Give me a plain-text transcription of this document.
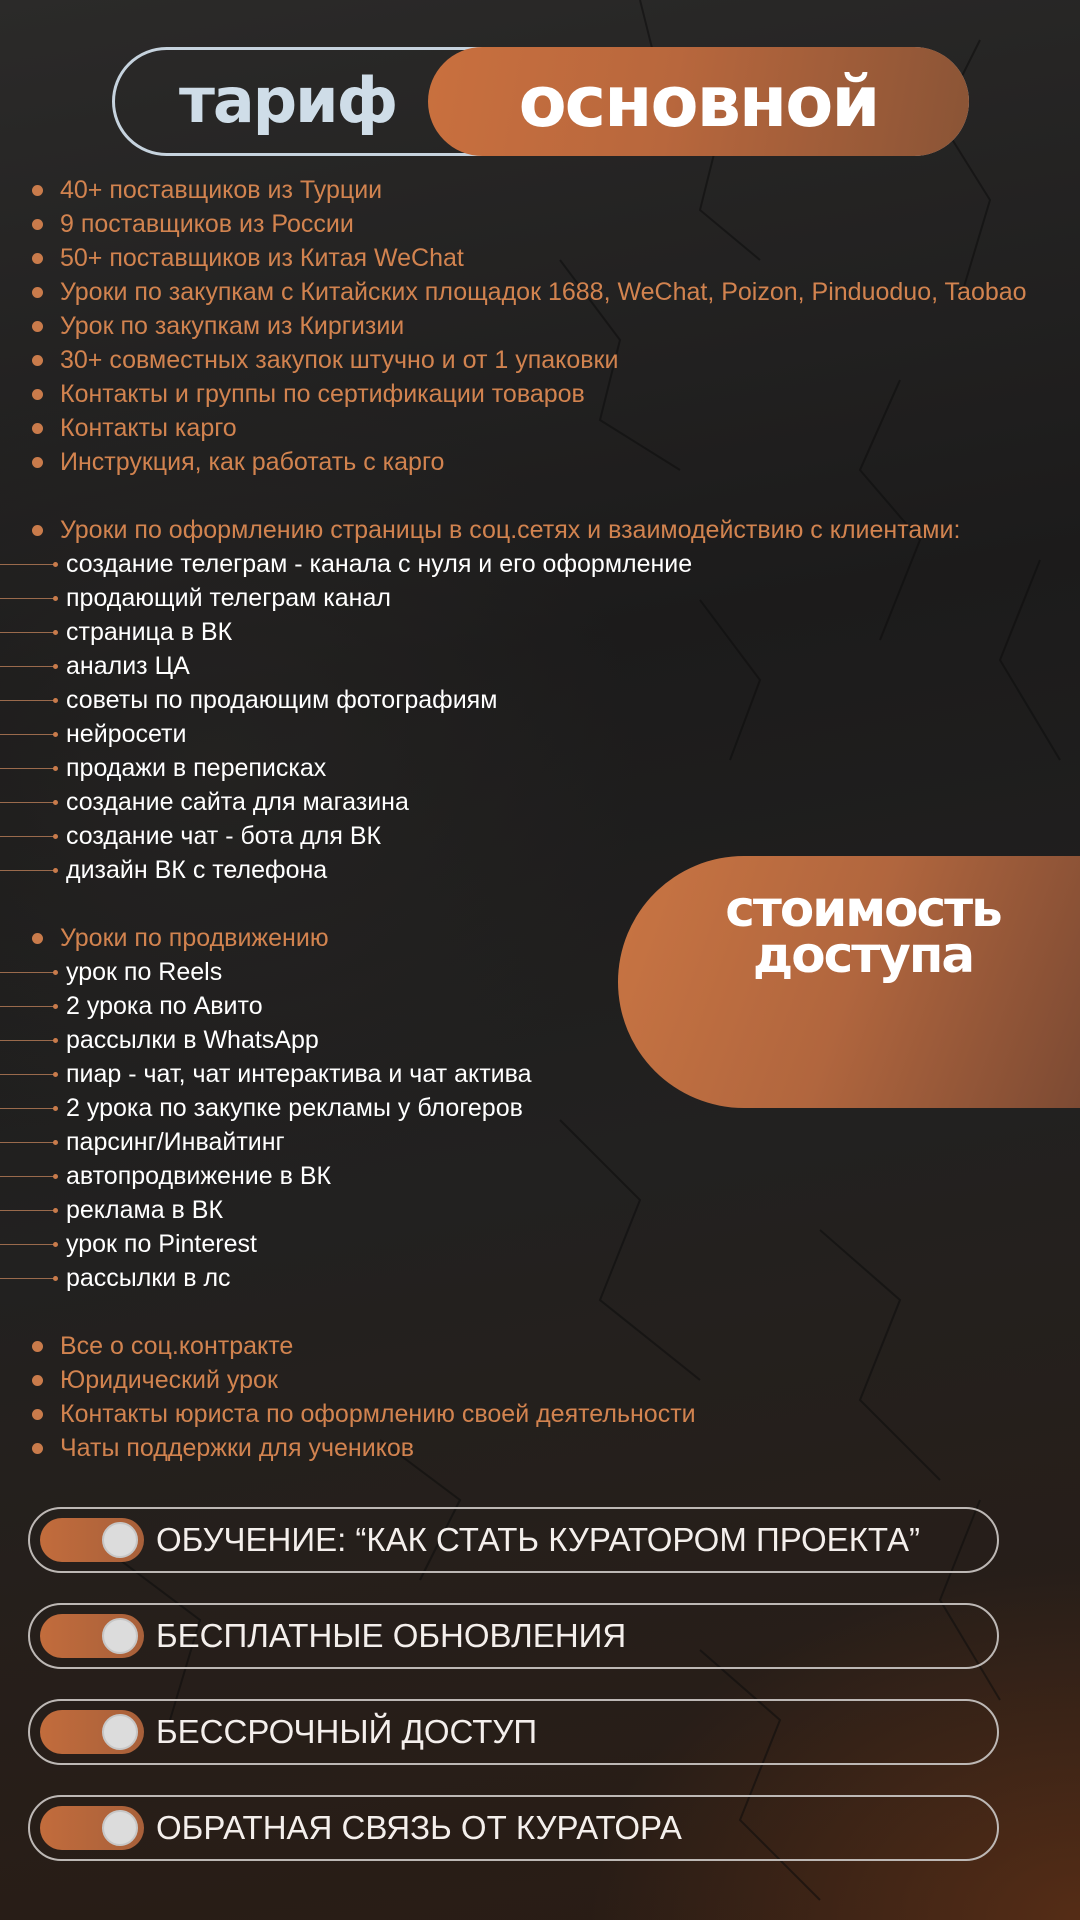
тариф	основной
40+ поставщиков из Турции
9 поставщиков из России
50+ поставщиков из Китая WeChat
Уроки по закупкам с Китайских площадок 1688, WeChat, Poizon, Pinduoduo, Taobao
Урок по закупкам из Киргизии
30+ совместных закупок штучно и от 1 упаковки
Контакты и группы по сертификации товаров
Контакты карго
Инструкция, как работать с карго
Уроки по оформлению страницы в соц.сетях и взаимодействию с клиентами:
создание телеграм - канала с нуля и его оформление
продающий телеграм канал
страница в ВК
анализ ЦА
советы по продающим фотографиям
нейросети
продажи в переписках
создание сайта для магазина
создание чат - бота для ВК
дизайн ВК с телефона
Уроки по продвижению
урок по Reels
2 урока по Авито
рассылки в WhatsApp
пиар - чат, чат интерактива и чат актива
2 урока по закупке рекламы у блогеров
парсинг/Инвайтинг
автопродвижение в ВК
реклама в ВК
урок по Pinterest
рассылки в лс
Все о соц.контракте
Юридический урок
Контакты юриста по оформлению своей деятельности
Чаты поддержки для учеников
стоимость
доступа
ОБУЧЕНИЕ: “КАК СТАТЬ КУРАТОРОМ ПРОЕКТА”
БЕСПЛАТНЫЕ ОБНОВЛЕНИЯ
БЕССРОЧНЫЙ ДОСТУП
ОБРАТНАЯ СВЯЗЬ ОТ КУРАТОРА
